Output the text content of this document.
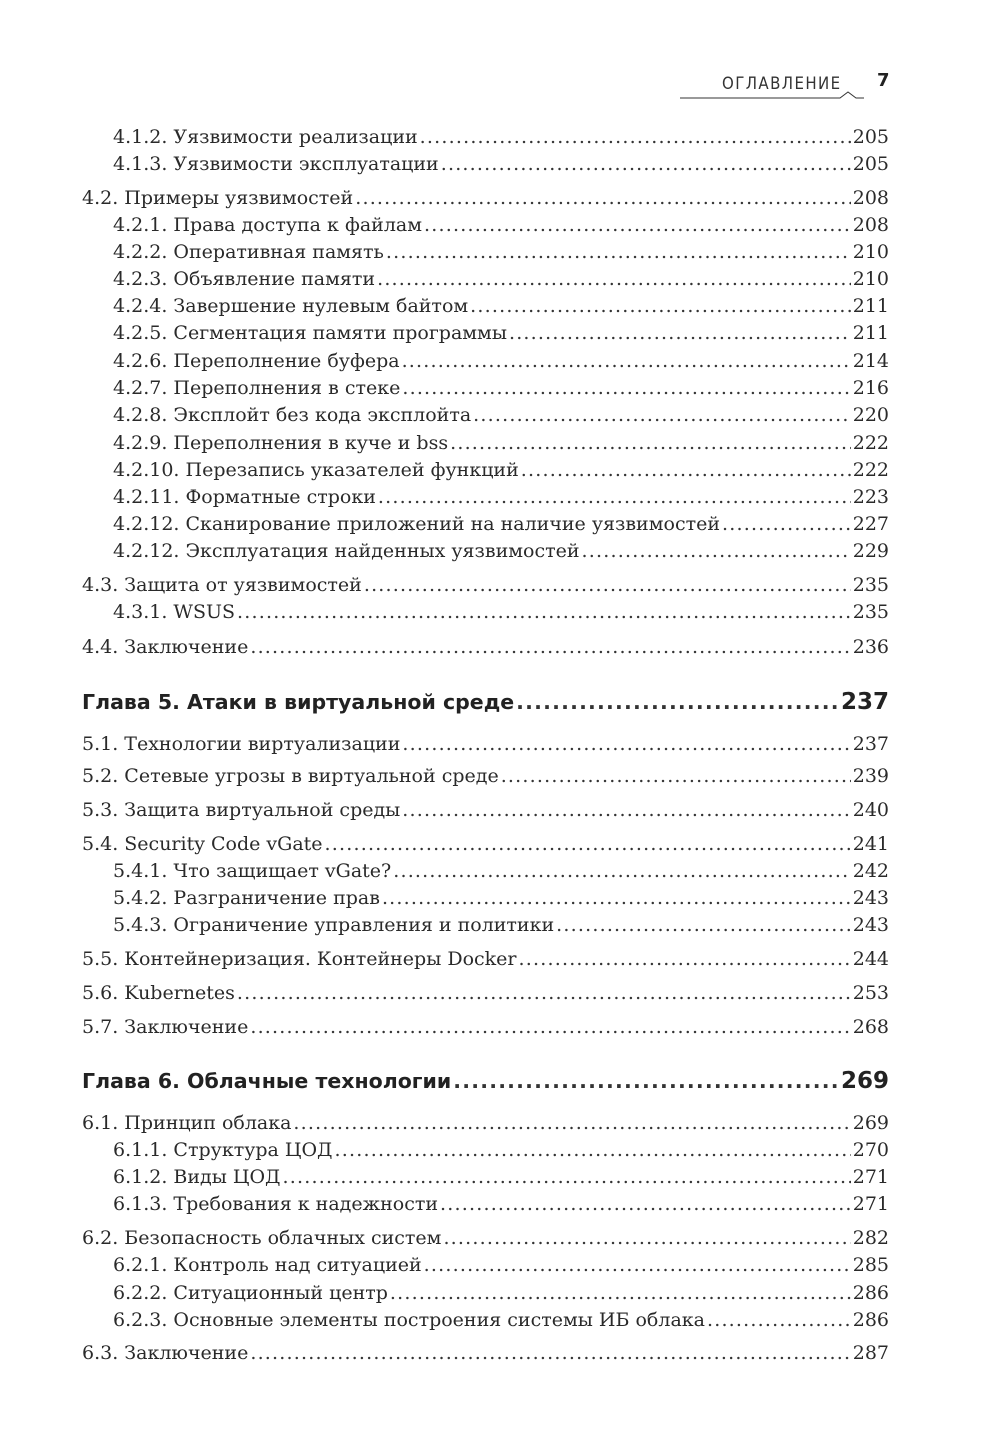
ОГЛАВЛЕНИЕ 7
4.1.2. Уязвимости реализации .....	205
4.1.3. Уязвимости эксплуатации .....	205
4.2. Примеры уязвимостей .....	208
4.2.1. Права доступа к файлам .....	208
4.2.2. Оперативная память .....	210
4.2.3. Объявление памяти .....	210
4.2.4. Завершение нулевым байтом .....	211
4.2.5. Сегментация памяти программы .....	211
4.2.6. Переполнение буфера .....	214
4.2.7. Переполнения в стеке .....	216
4.2.8. Эксплойт без кода эксплойта .....	220
4.2.9. Переполнения в куче и bss .....	222
4.2.10. Перезапись указателей функций .....	222
4.2.11. Форматные строки .....	223
4.2.12. Сканирование приложений на наличие уязвимостей .....	227
4.2.12. Эксплуатация найденных уязвимостей .....	229
4.3. Защита от уязвимостей .....	235
4.3.1. WSUS .....	235
4.4. Заключение .....	236
Глава 5. Атаки в виртуальной среде .....	237
5.1. Технологии виртуализации .....	237
5.2. Сетевые угрозы в виртуальной среде .....	239
5.3. Защита виртуальной среды .....	240
5.4. Security Code vGate .....	241
5.4.1. Что защищает vGate? .....	242
5.4.2. Разграничение прав .....	243
5.4.3. Ограничение управления и политики .....	243
5.5. Контейнеризация. Контейнеры Docker .....	244
5.6. Kubernetes .....	253
5.7. Заключение .....	268
Глава 6. Облачные технологии .....	269
6.1. Принцип облака .....	269
6.1.1. Структура ЦОД .....	270
6.1.2. Виды ЦОД .....	271
6.1.3. Требования к надежности .....	271
6.2. Безопасность облачных систем .....	282
6.2.1. Контроль над ситуацией .....	285
6.2.2. Ситуационный центр .....	286
6.2.3. Основные элементы построения системы ИБ облака .....	286
6.3. Заключение .....	287
